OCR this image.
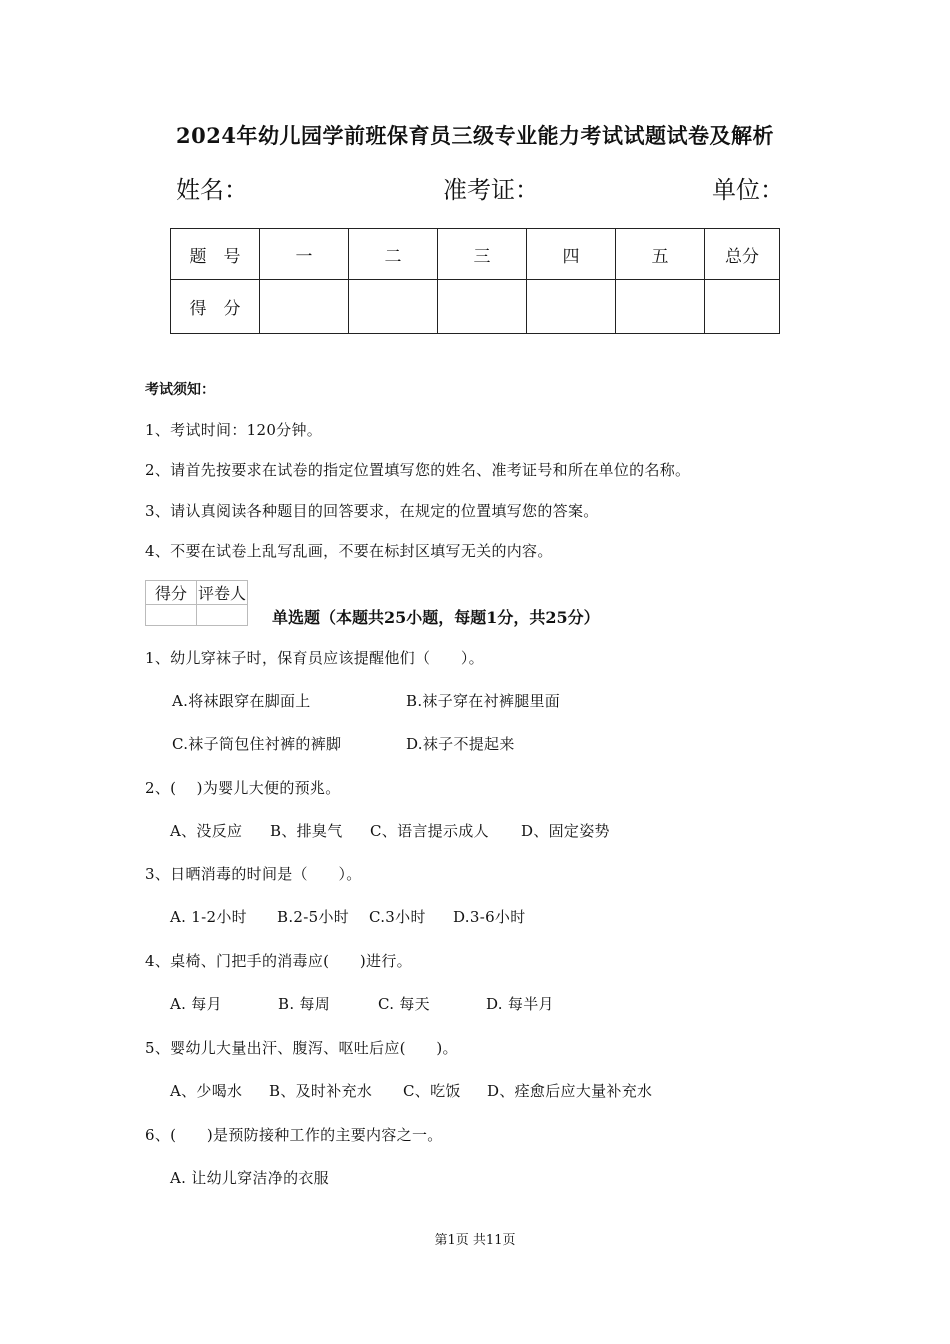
2024年幼儿园学前班保育员三级专业能力考试试题试卷及解析
姓名：	准考证：	单位：
题　号	一	二	三	四	五	总分
得　分						
考试须知：
1、考试时间：120分钟。
2、请首先按要求在试卷的指定位置填写您的姓名、准考证号和所在单位的名称。
3、请认真阅读各种题目的回答要求，在规定的位置填写您的答案。
4、不要在试卷上乱写乱画，不要在标封区填写无关的内容。
得分	评卷人

单选题（本题共25小题，每题1分，共25分）
1、幼儿穿袜子时，保育员应该提醒他们（　　）。
A.将袜跟穿在脚面上	B.袜子穿在衬裤腿里面
C.袜子筒包住衬裤的裤脚	D.袜子不提起来
2、(　 )为婴儿大便的预兆。
A、没反应 B、排臭气 C、语言提示成人 D、固定姿势
3、日晒消毒的时间是（　　）。
A. 1-2小时 B.2-5小时 C.3小时 D.3-6小时
4、桌椅、门把手的消毒应(　　)进行。
A. 每月	B. 每周	C. 每天	D. 每半月
5、婴幼儿大量出汗、腹泻、呕吐后应(　　)。
A、少喝水 B、及时补充水 C、吃饭 D、痊愈后应大量补充水
6、(　　)是预防接种工作的主要内容之一。
A. 让幼儿穿洁净的衣服
第1页 共11页
